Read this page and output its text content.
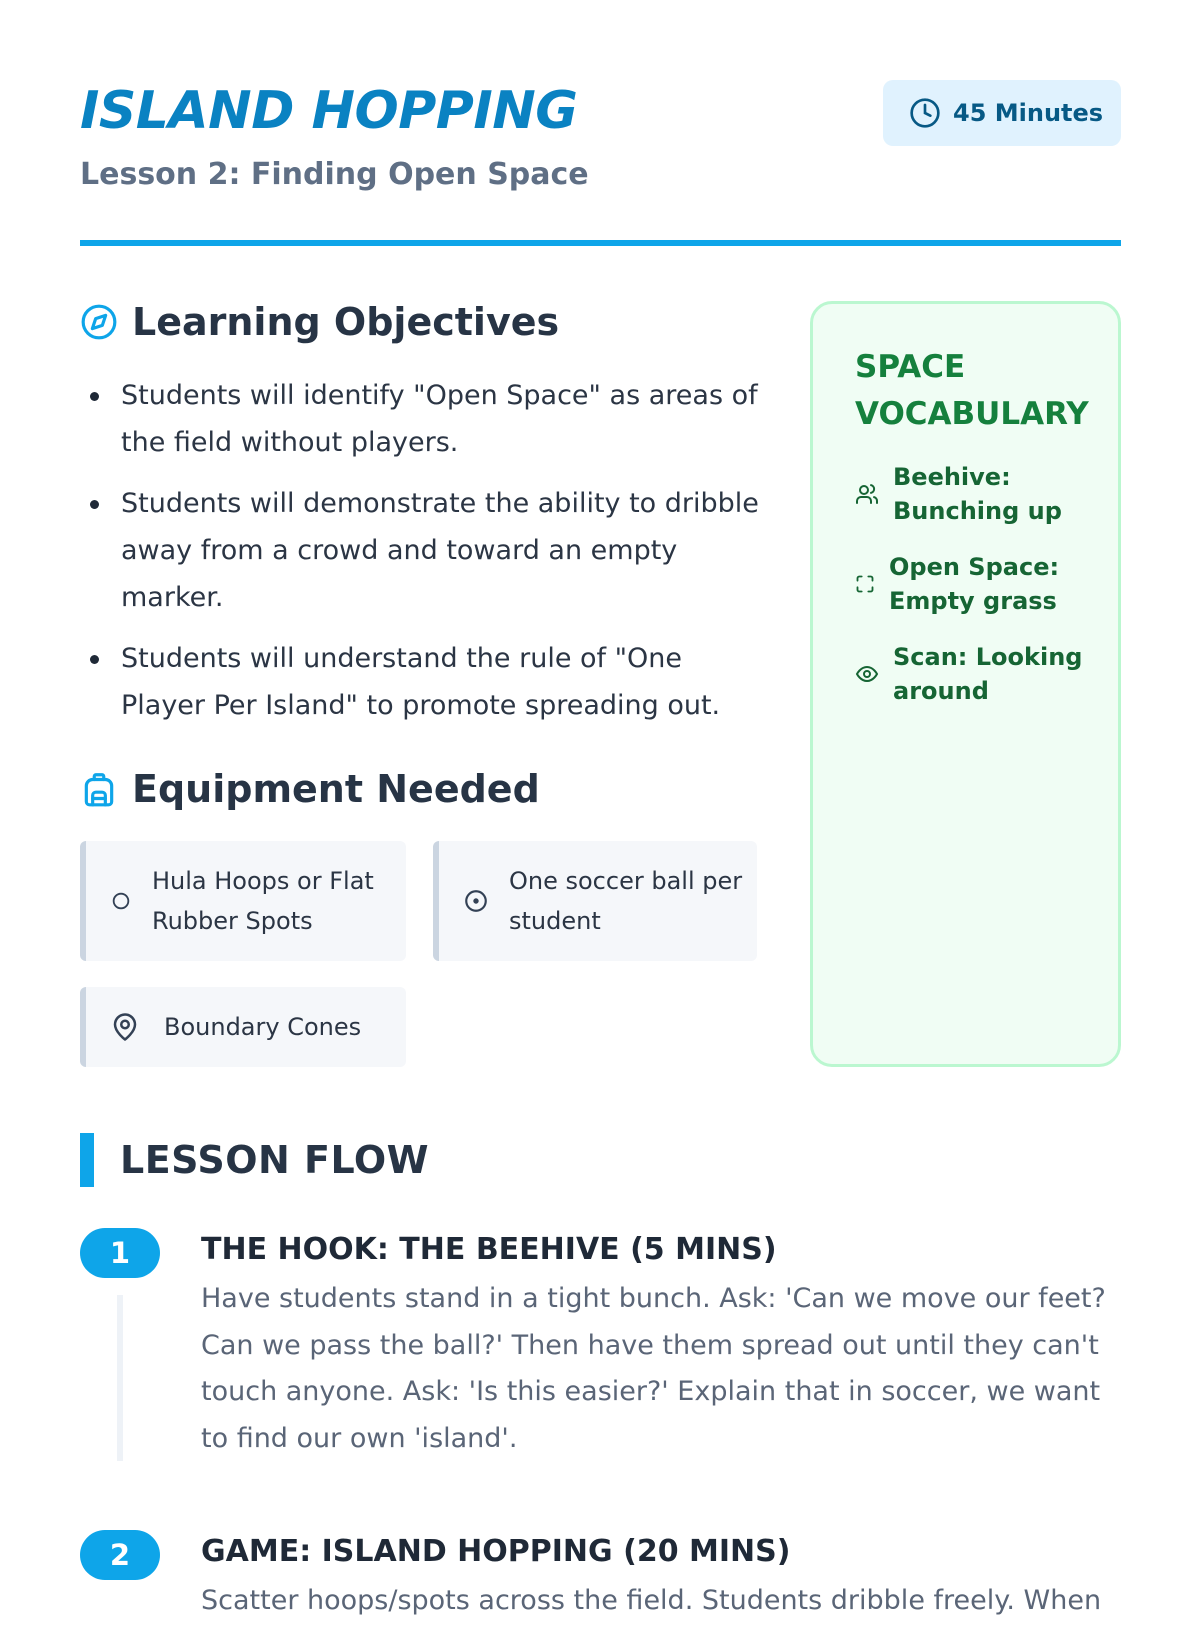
ISLAND HOPPING
Lesson 2: Finding Open Space
45 Minutes
Learning Objectives
Students will identify "Open Space" as areas of the field without players.
Students will demonstrate the ability to dribble away from a crowd and toward an empty marker.
Students will understand the rule of "One Player Per Island" to promote spreading out.
Equipment Needed
Hula Hoops or Flat Rubber Spots
One soccer ball per student
Boundary Cones
SPACE VOCABULARY
Beehive: Bunching up
Open Space: Empty grass
Scan: Looking around
LESSON FLOW
1	THE HOOK: THE BEEHIVE (5 MINS)

Have students stand in a tight bunch. Ask: 'Can we move our feet? Can we pass the ball?' Then have them spread out until they can't touch anyone. Ask: 'Is this easier?' Explain that in soccer, we want to find our own 'island'.

2	GAME: ISLAND HOPPING (20 MINS)

Scatter hoops/spots across the field. Students dribble freely. When
